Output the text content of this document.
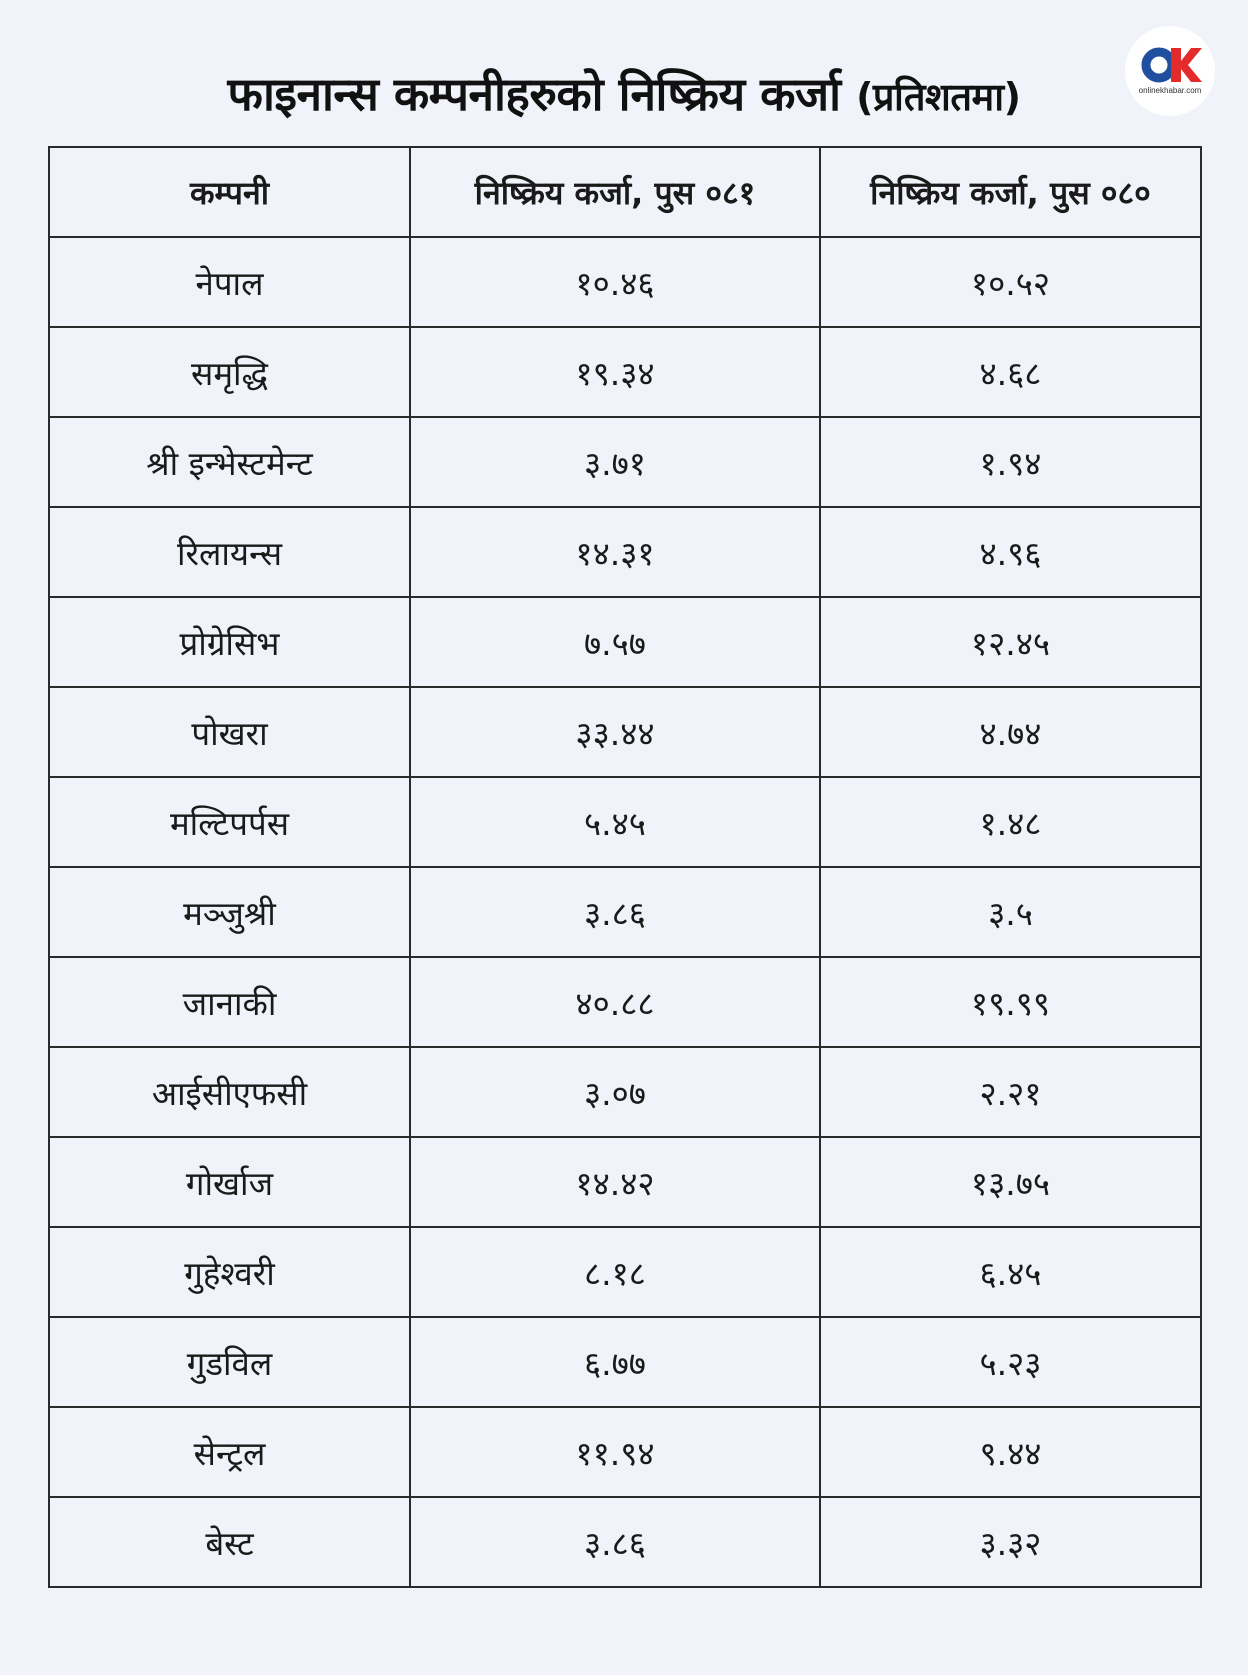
फाइनान्स कम्पनीहरुको निष्क्रिय कर्जा (प्रतिशतमा)	onlinekhabar.com
कम्पनी	निष्क्रिय कर्जा, पुस ०८१	निष्क्रिय कर्जा, पुस ०८०
नेपाल	१०.४६	१०.५२
समृद्धि	१९.३४	४.६८
श्री इन्भेस्टमेन्ट	३.७१	१.९४
रिलायन्स	१४.३१	४.९६
प्रोग्रेसिभ	७.५७	१२.४५
पोखरा	३३.४४	४.७४
मल्टिपर्पस	५.४५	१.४८
मञ्जुश्री	३.८६	३.५
जानाकी	४०.८८	१९.९९
आईसीएफसी	३.०७	२.२१
गोर्खाज	१४.४२	१३.७५
गुहेश्वरी	८.१८	६.४५
गुडविल	६.७७	५.२३
सेन्ट्रल	११.९४	९.४४
बेस्ट	३.८६	३.३२
